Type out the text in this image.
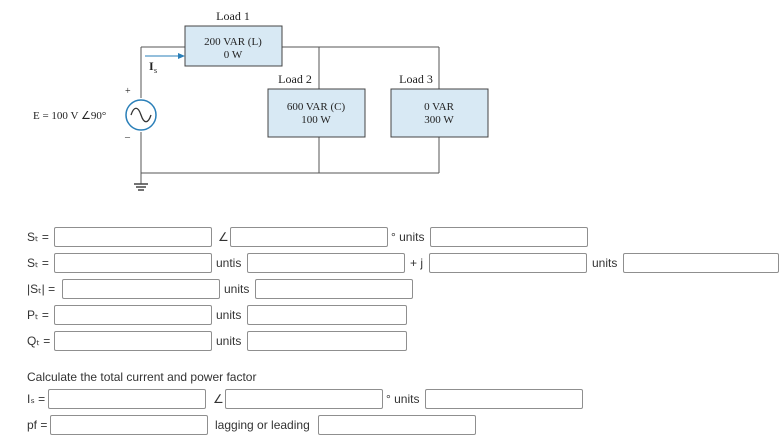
Load 1
200 VAR (L)
0 W
Load 2
600 VAR (C)
100 W
Load 3
0 VAR
300 W
E = 100 V ∠90°
I s
+
–
Sₜ =	∠	° units
Sₜ =	untis	+ j	units
|Sₜ| =	units
Pₜ =	units
Qₜ =	units
Calculate the total current and power factor
Iₛ =	∠	° units
pf =	lagging or leading
